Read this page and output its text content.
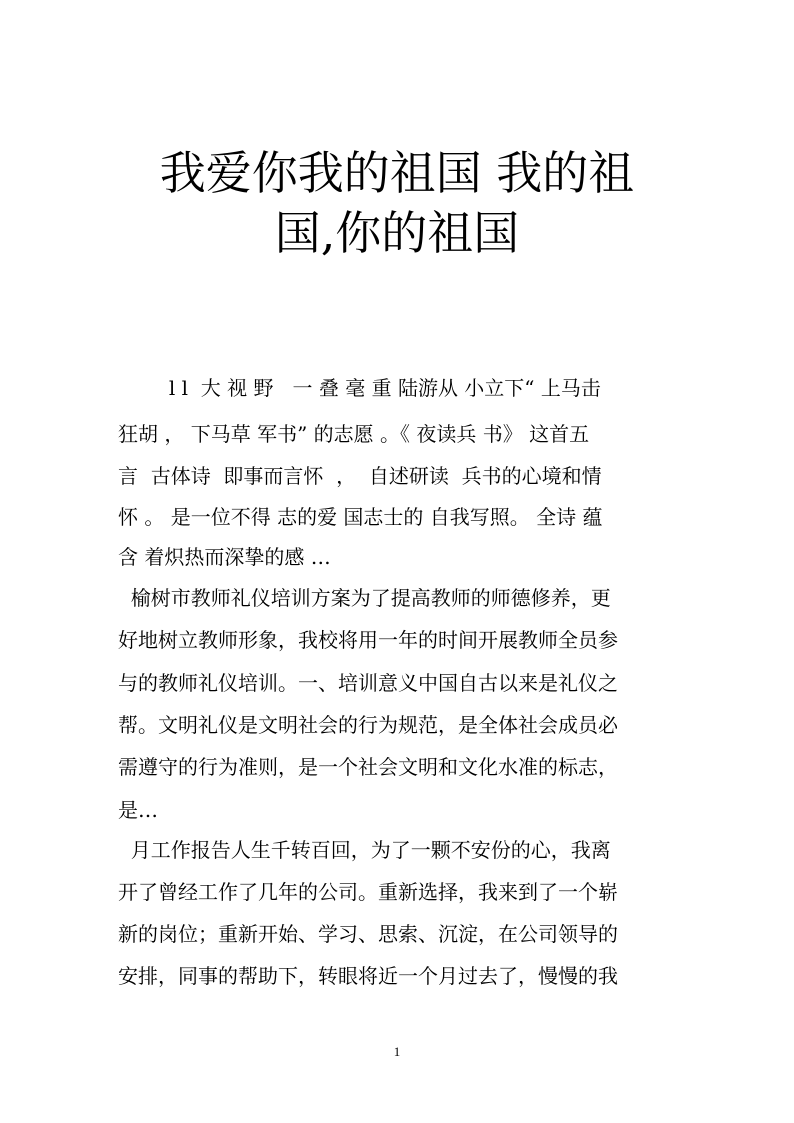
我爱你我的祖国 我的祖
国,你的祖国

l l  大 视 野   一 叠 毫 重 陆游从 小立下“ 上马击

狂胡 ， 下马草 军书” 的志愿 。《 夜读兵 书》 这首五

言  古体诗  即事而言怀  ，  自述研读  兵书的心境和情

怀 。 是一位不得 志的爱 国志士的 自我写照。 全诗 蕴

含 着炽热而深挚的感 …

榆树市教师礼仪培训方案为了提高教师的师德修养，更

好地树立教师形象，我校将用一年的时间开展教师全员参

与的教师礼仪培训。一、培训意义中国自古以来是礼仪之

帮。文明礼仪是文明社会的行为规范，是全体社会成员必

需遵守的行为准则，是一个社会文明和文化水准的标志，

是…

月工作报告人生千转百回，为了一颗不安份的心，我离

开了曾经工作了几年的公司。重新选择，我来到了一个崭

新的岗位；重新开始、学习、思索、沉淀，在公司领导的

安排，同事的帮助下，转眼将近一个月过去了，慢慢的我

1
